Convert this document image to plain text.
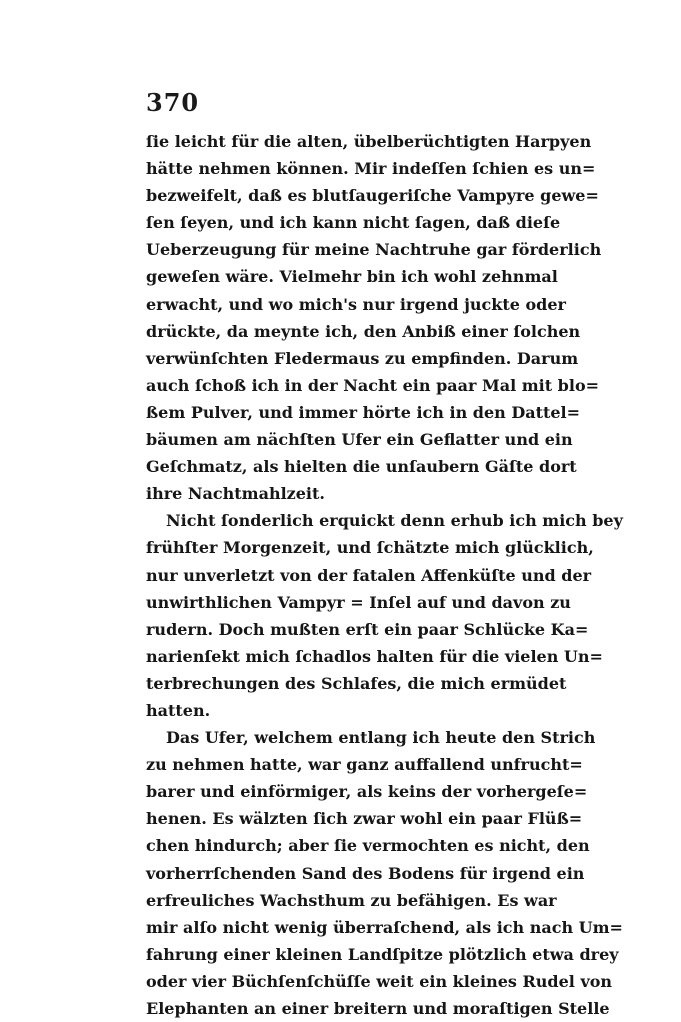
370
ſie leicht für die alten, übelberüchtigten Harpyen
hätte nehmen können. Mir indeſſen ſchien es un=
bezweifelt, daß es blutſaugeriſche Vampyre gewe=
ſen ſeyen, und ich kann nicht ſagen, daß dieſe
Ueberzeugung für meine Nachtruhe gar förderlich
geweſen wäre. Vielmehr bin ich wohl zehnmal
erwacht, und wo mich's nur irgend juckte oder
drückte, da meynte ich, den Anbiß einer ſolchen
verwünſchten Fledermaus zu empfinden. Darum
auch ſchoß ich in der Nacht ein paar Mal mit blo=
ßem Pulver, und immer hörte ich in den Dattel=
bäumen am nächſten Ufer ein Geflatter und ein
Geſchmatz, als hielten die unſaubern Gäſte dort
ihre Nachtmahlzeit.
Nicht ſonderlich erquickt denn erhub ich mich bey
frühſter Morgenzeit, und ſchätzte mich glücklich,
nur unverletzt von der fatalen Affenküſte und der
unwirthlichen Vampyr = Inſel auf und davon zu
rudern. Doch mußten erſt ein paar Schlücke Ka=
narienſekt mich ſchadlos halten für die vielen Un=
terbrechungen des Schlafes, die mich ermüdet
hatten.
Das Ufer, welchem entlang ich heute den Strich
zu nehmen hatte, war ganz auffallend unfrucht=
barer und einförmiger, als keins der vorhergeſe=
henen. Es wälzten ſich zwar wohl ein paar Flüß=
chen hindurch; aber ſie vermochten es nicht, den
vorherrſchenden Sand des Bodens für irgend ein
erfreuliches Wachsthum zu befähigen. Es war
mir alſo nicht wenig überraſchend, als ich nach Um=
fahrung einer kleinen Landſpitze plötzlich etwa drey
oder vier Büchſenſchüſſe weit ein kleines Rudel von
Elephanten an einer breitern und moraſtigen Stelle
